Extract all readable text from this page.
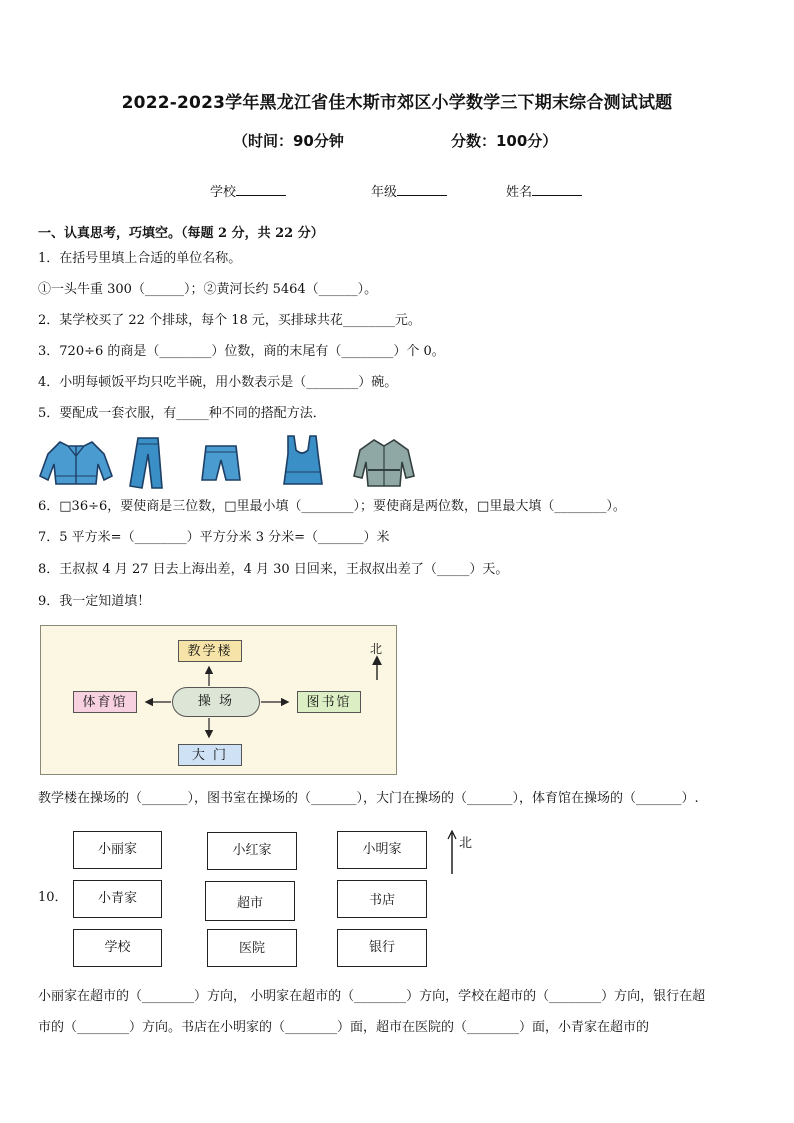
2022-2023学年黑龙江省佳木斯市郊区小学数学三下期末综合测试试题
（时间：90分钟	分数：100分）
学校	年级	姓名
一、认真思考，巧填空。（每题 2 分，共 22 分）
1．在括号里填上合适的单位名称。
①一头牛重 300（______）；②黄河长约 5464（______）。
2．某学校买了 22 个排球，每个 18 元，买排球共花________元。
3．720÷6 的商是（________）位数，商的末尾有（________）个 0。
4．小明每顿饭平均只吃半碗，用小数表示是（________）碗。
5．要配成一套衣服，有_____种不同的搭配方法．
6．□36÷6，要使商是三位数，□里最小填（________）；要使商是两位数，□里最大填（________）。
7．5 平方米=（________）平方分米 3 分米=（_______）米
8．王叔叔 4 月 27 日去上海出差，4 月 30 日回来，王叔叔出差了（_____）天。
9．我一定知道填！
北
教学楼
体育馆	图书馆
大 门
操 场
教学楼在操场的（_______），图书室在操场的（_______），大门在操场的（_______），体育馆在操场的（_______）.
10．
小丽家	小红家	小明家
小青家	超市	书店
学校	医院	银行
北
小丽家在超市的（________）方向， 小明家在超市的（________）方向，学校在超市的（________）方向，银行在超
市的（________）方向。书店在小明家的（________）面，超市在医院的（________）面，小青家在超市的
